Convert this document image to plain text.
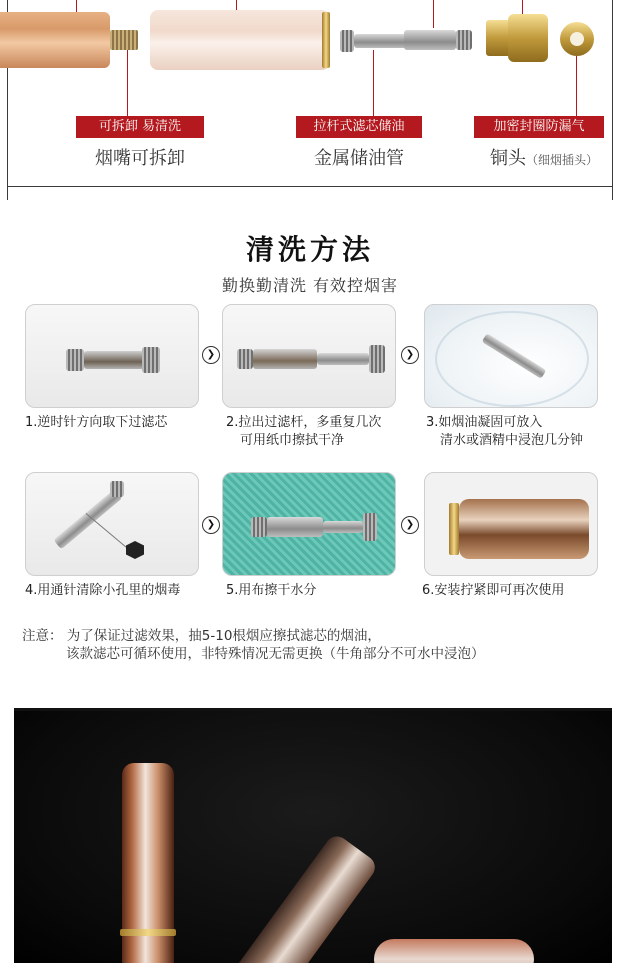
可拆卸 易清洗	拉杆式滤芯储油	加密封圈防漏气
烟嘴可拆卸	金属储油管	铜头（细烟插头）
清洗方法
勤换勤清洗 有效控烟害
❯	❯
1.逆时针方向取下过滤芯	2.拉出过滤杆，多重复几次
可用纸巾擦拭干净
3.如烟油凝固可放入
清水或酒精中浸泡几分钟
❯	❯
4.用通针清除小孔里的烟毒	5.用布擦干水分	6.安装拧紧即可再次使用
注意： 为了保证过滤效果，抽5-10根烟应擦拭滤芯的烟油，
该款滤芯可循环使用，非特殊情况无需更换（牛角部分不可水中浸泡）
